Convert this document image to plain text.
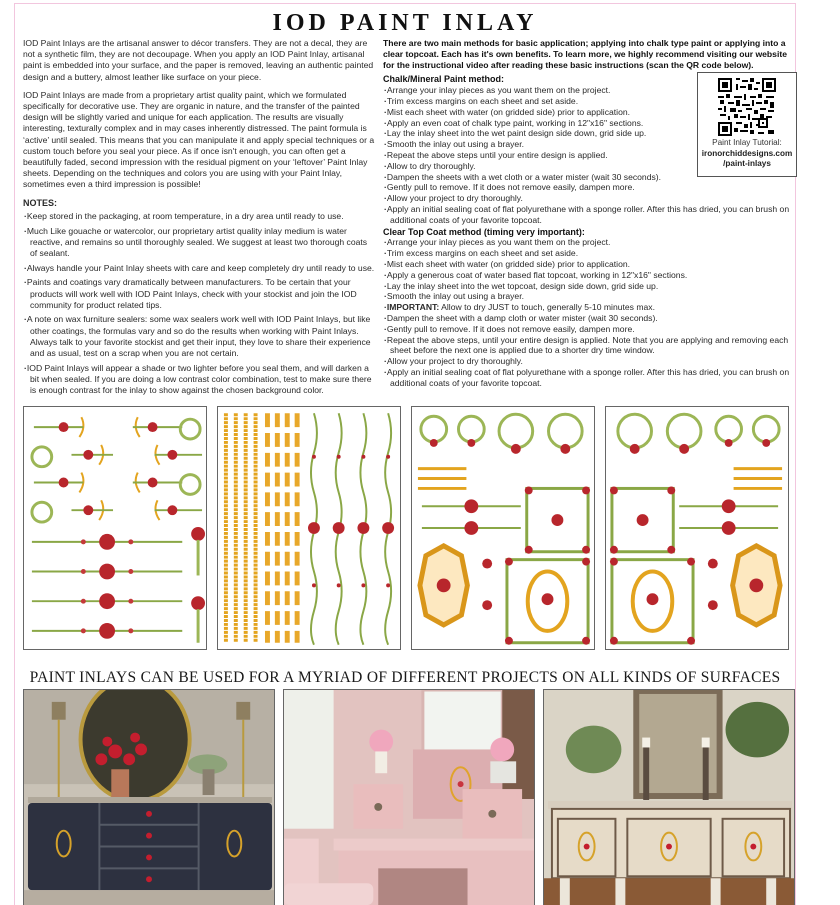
IOD PAINT INLAY

IOD Paint Inlays are the artisanal answer to décor transfers. They are not a decal, they are not a synthetic film, they are not decoupage. When you apply an IOD Paint Inlay, artisanal paint is embedded into your surface, and the paper is removed, leaving an authentic painted design and a buttery, almost leather like surface on your piece.

IOD Paint Inlays are made from a proprietary artist quality paint, which we formulated specifically for decorative use. They are organic in nature, and the transfer of the painted design will be slightly varied and unique for each application. The results are visually interesting, texturally complex and in may cases inherently distressed. The paint formula is ‘active’ until sealed. This means that you can manipulate it and apply special techniques or a custom touch before you seal your piece. As if once isn't enough, you can often get a beautifully faded, second impression with the residual pigment on your ‘leftover’ Paint Inlay sheets. Depending on the techniques and colors you are using with your Paint Inlay, sometimes even a third impression is possible!

NOTES:
· Keep stored in the packaging, at room temperature, in a dry area until ready to use.
· Much Like gouache or watercolor, our proprietary artist quality inlay medium is water reactive, and remains so until thoroughly sealed. We suggest at least two thorough coats of sealant.
· Always handle your Paint Inlay sheets with care and keep completely dry until ready to use.
· Paints and coatings vary dramatically between manufacturers. To be certain that your products will work well with IOD Paint Inlays, check with your stockist and join the IOD community for product related tips.
· A note on wax furniture sealers: some wax sealers work well with IOD Paint Inlays, but like other coatings, the formulas vary and so do the results when working with Paint Inlays. Always talk to your favorite stockist and get their input, they love to share their experience and as usual, test on a scrap when you are not certain.
· IOD Paint Inlays will appear a shade or two lighter before you seal them, and will darken a bit when sealed. If you are doing a low contrast color combination, test to make sure there is enough contrast for the inlay to show against the chosen background color.

There are two main methods for basic application; applying into chalk type paint or applying into a clear topcoat. Each has it's own benefits. To learn more, we highly recommend visiting our website for the instructional video after reading these basic instructions (scan the QR code below).

Chalk/Mineral Paint method:
· Arrange your inlay pieces as you want them on the project.
· Trim excess margins on each sheet and set aside.
· Mist each sheet with water (on gridded side) prior to application.
· Apply an even coat of chalk type paint, working in 12"x16" sections.
· Lay the inlay sheet into the wet paint design side down, grid side up.
· Smooth the inlay out using a brayer.
· Repeat the above steps until your entire design is applied.
· Allow to dry thoroughly.
· Dampen the sheets with a wet cloth or a water mister (wait 30 seconds).
· Gently pull to remove. If it does not remove easily, dampen more.
· Allow your project to dry thoroughly.
· Apply an initial sealing coat of flat polyurethane with a sponge roller. After this has dried, you can brush on additional coats of your favorite topcoat.
Clear Top Coat method (timing very important):
· Arrange your inlay pieces as you want them on the project.
· Trim excess margins on each sheet and set aside.
· Mist each sheet with water (on gridded side) prior to application.
· Apply a generous coat of water based flat topcoat, working in 12"x16" sections.
· Lay the inlay sheet into the wet topcoat, design side down, grid side up.
· Smooth the inlay out using a brayer.
· IMPORTANT: Allow to dry JUST to touch, generally 5-10 minutes max.
· Dampen the sheet with a damp cloth or water mister (wait 30 seconds).
· Gently pull to remove. If it does not remove easily, dampen more.
· Repeat the above steps, until your entire design is applied. Note that you are applying and removing each sheet before the next one is applied due to a shorter dry time window.
· Allow your project to dry thoroughly.
· Apply an initial sealing coat of flat polyurethane with a sponge roller. After this has dried, you can brush on additional coats of your favorite topcoat.
Paint Inlay Tutorial:
ironorchiddesigns.com
/paint-inlays
PAINT INLAYS CAN BE USED FOR A MYRIAD OF DIFFERENT PROJECTS ON ALL KINDS OF SURFACES
